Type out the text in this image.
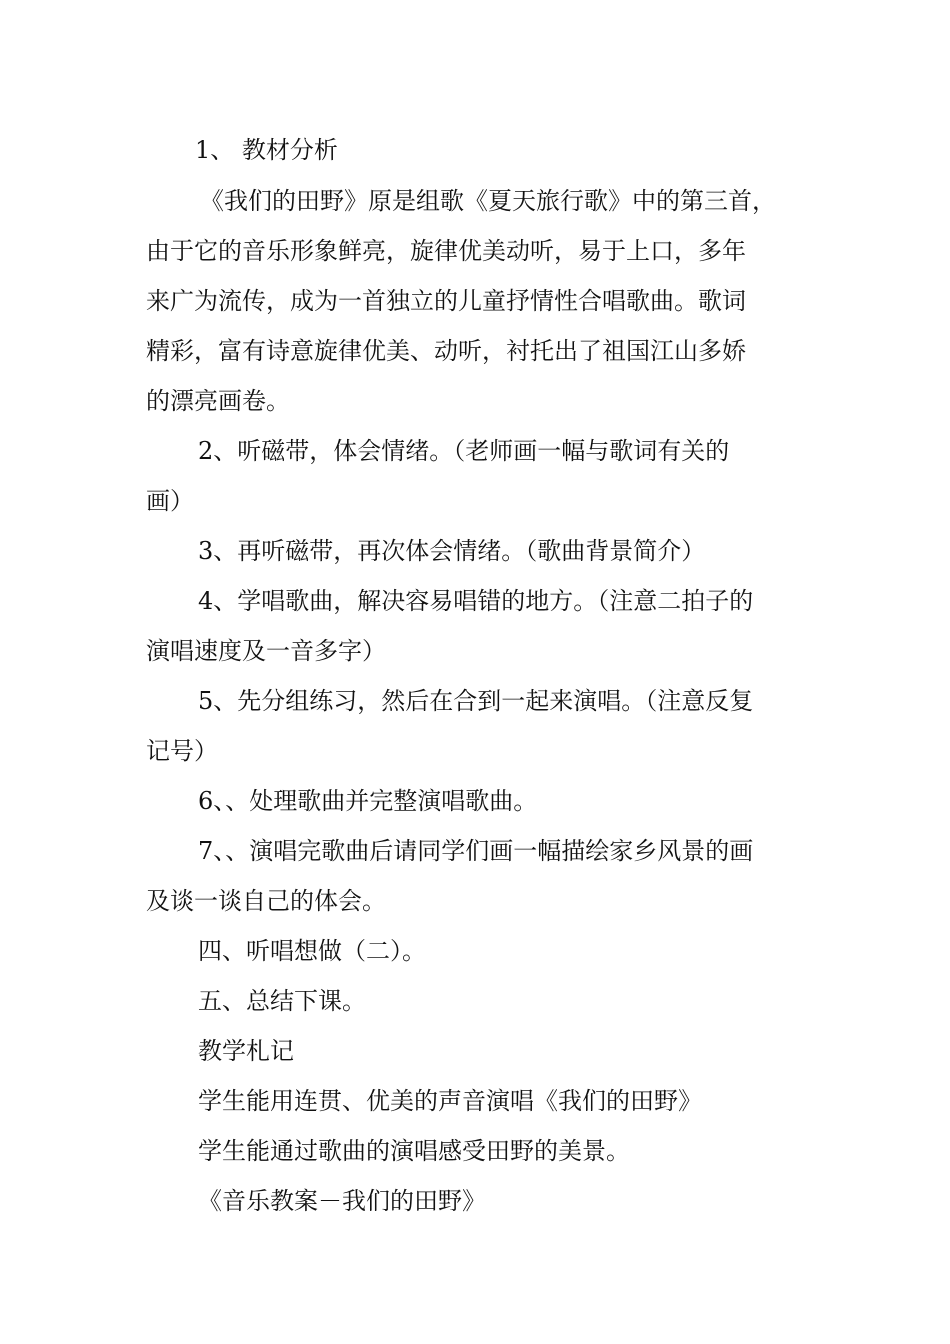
1、 教材分析
《我们的田野》原是组歌《夏天旅行歌》中的第三首，
由于它的音乐形象鲜亮，旋律优美动听，易于上口，多年
来广为流传，成为一首独立的儿童抒情性合唱歌曲。歌词
精彩，富有诗意旋律优美、动听，衬托出了祖国江山多娇
的漂亮画卷。
2、听磁带，体会情绪。（老师画一幅与歌词有关的
画）
3、再听磁带，再次体会情绪。（歌曲背景简介）
4、学唱歌曲，解决容易唱错的地方。（注意二拍子的
演唱速度及一音多字）
5、先分组练习，然后在合到一起来演唱。（注意反复
记号）
6、、处理歌曲并完整演唱歌曲。
7、、演唱完歌曲后请同学们画一幅描绘家乡风景的画
及谈一谈自己的体会。
四、听唱想做（二）。
五、总结下课。
教学札记
学生能用连贯、优美的声音演唱《我们的田野》
学生能通过歌曲的演唱感受田野的美景。
《音乐教案－我们的田野》
